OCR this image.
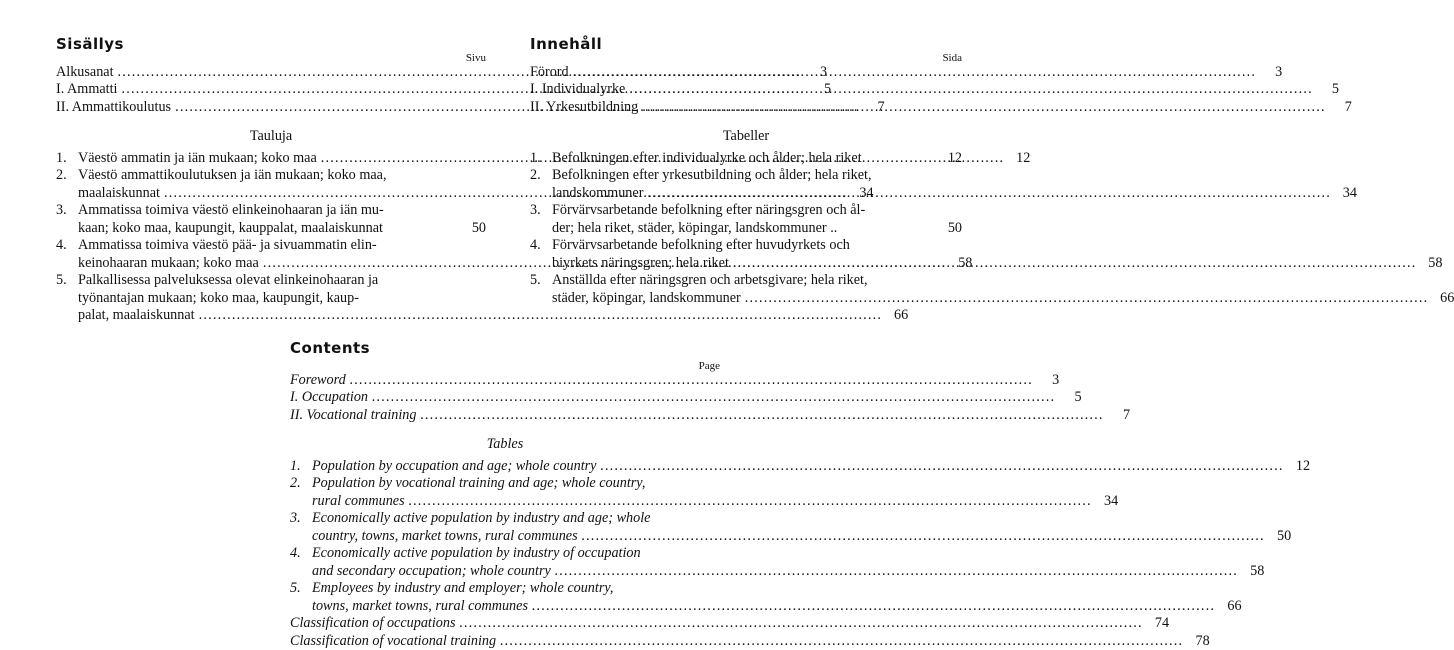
Sisällys
Sivu
Alkusanat .....	3
I. Ammatti .....	5
II. Ammattikoulutus .....	7
Tauluja
1. Väestö ammatin ja iän mukaan; koko maa .....	12
2. Väestö ammattikoulutuksen ja iän mukaan; koko maa,
maalaiskunnat .....	34
3. Ammatissa toimiva väestö elinkeinohaaran ja iän mu-
kaan; koko maa, kaupungit, kauppalat, maalaiskunnat	50
4. Ammatissa toimiva väestö pää- ja sivuammatin elin-
keinohaaran mukaan; koko maa .....	58
5. Palkallisessa palveluksessa olevat elinkeinohaaran ja
työnantajan mukaan; koko maa, kaupungit, kaup-
palat, maalaiskunnat .....	66
Innehåll
Sida
Förord .....	3
I. Individualyrke .....	5
II. Yrkesutbildning .....	7
Tabeller
1. Befolkningen efter individualyrke och ålder; hela riket	12
2. Befolkningen efter yrkesutbildning och ålder; hela riket,
landskommuner .....	34
3. Förvärvsarbetande befolkning efter näringsgren och ål-
der; hela riket, städer, köpingar, landskommuner ..	50
4. Förvärvsarbetande befolkning efter huvudyrkets och
biyrkets näringsgren; hela riket .....	58
5. Anställda efter näringsgren och arbetsgivare; hela riket,
städer, köpingar, landskommuner .....	66
Contents
Page
Foreword .....	3
I. Occupation .....	5
II. Vocational training .....	7
Tables
1. Population by occupation and age; whole country .....	12
2. Population by vocational training and age; whole country,
rural communes .....	34
3. Economically active population by industry and age; whole
country, towns, market towns, rural communes .....	50
4. Economically active population by industry of occupation
and secondary occupation; whole country .....	58
5. Employees by industry and employer; whole country,
towns, market towns, rural communes .....	66
Classification of occupations .....	74
Classification of vocational training .....	78
